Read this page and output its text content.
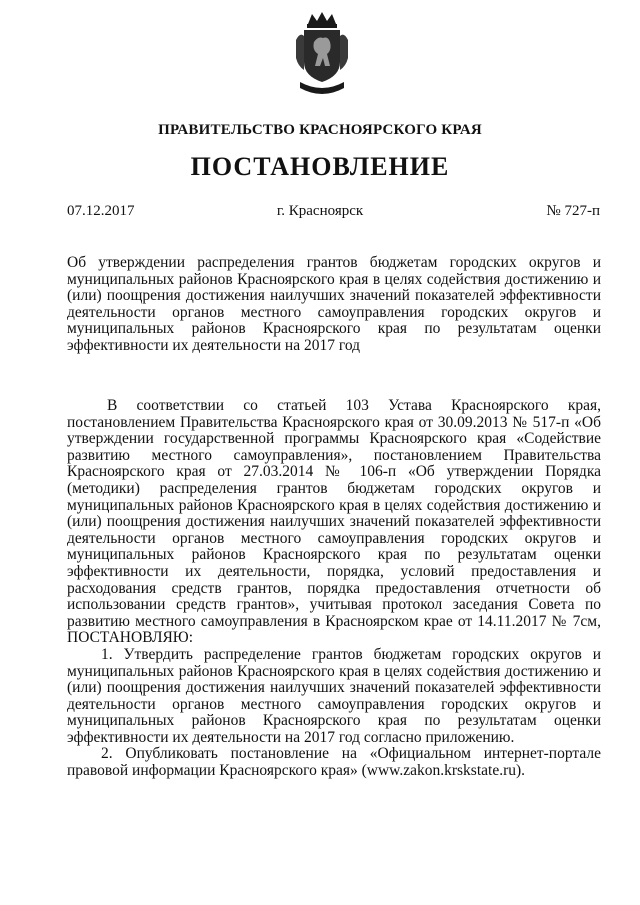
ПРАВИТЕЛЬСТВО КРАСНОЯРСКОГО КРАЯ
ПОСТАНОВЛЕНИЕ
07.12.2017	г. Красноярск	№ 727-п
Об утверждении распределения грантов бюджетам городских округов и муниципальных районов Красноярского края в целях содействия достижению и (или) поощрения достижения наилучших значений показателей эффективности деятельности органов местного самоуправления городских округов и муниципальных районов Красноярского края по результатам оценки эффективности их деятельности на 2017 год

В соответствии со статьей 103 Устава Красноярского края, постановлением Правительства Красноярского края от 30.09.2013 № 517-п «Об утверждении государственной программы Красноярского края «Содействие развитию местного самоуправления», постановлением Правительства Красноярского края от 27.03.2014 № 106-п «Об утверждении Порядка (методики) распределения грантов бюджетам городских округов и муниципальных районов Красноярского края в целях содействия достижению и (или) поощрения достижения наилучших значений показателей эффективности деятельности органов местного самоуправления городских округов и муниципальных районов Красноярского края по результатам оценки эффективности их деятельности, порядка, условий предоставления и расходования средств грантов, порядка предоставления отчетности об использовании средств грантов», учитывая протокол заседания Совета по развитию местного самоуправления в Красноярском крае от 14.11.2017 № 7см, ПОСТАНОВЛЯЮ:

1. Утвердить распределение грантов бюджетам городских округов и муниципальных районов Красноярского края в целях содействия достижению и (или) поощрения достижения наилучших значений показателей эффективности деятельности органов местного самоуправления городских округов и муниципальных районов Красноярского края по результатам оценки эффективности их деятельности на 2017 год согласно приложению.

2. Опубликовать постановление на «Официальном интернет-портале правовой информации Красноярского края» (www.zakon.krskstate.ru).
